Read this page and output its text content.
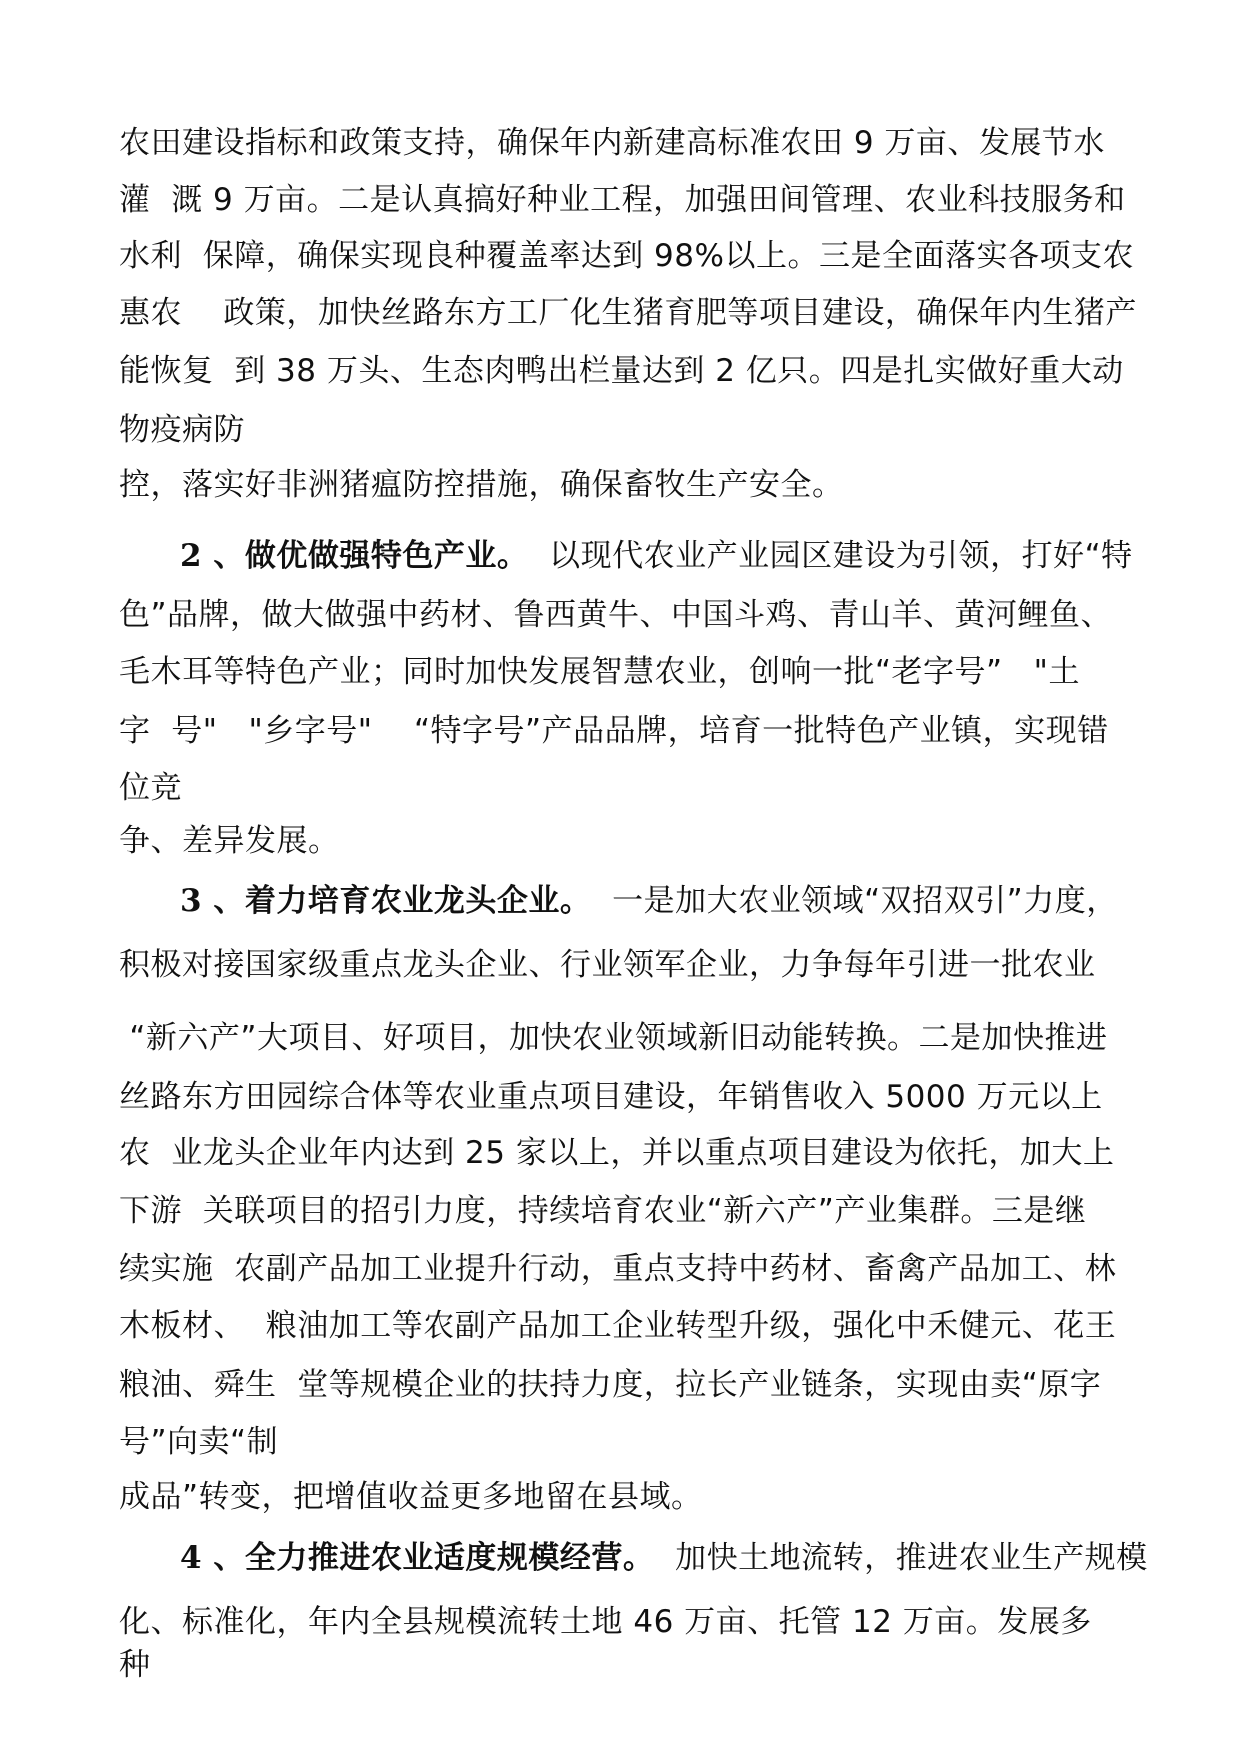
农田建设指标和政策支持，确保年内新建高标准农田 9 万亩、发展节水
灌  溉 9 万亩。二是认真搞好种业工程，加强田间管理、农业科技服务和
水利  保障，确保实现良种覆盖率达到 98%以上。三是全面落实各项支农
惠农    政策，加快丝路东方工厂化生猪育肥等项目建设，确保年内生猪产
能恢复  到 38 万头、生态肉鸭出栏量达到 2 亿只。四是扎实做好重大动
物疫病防
控，落实好非洲猪瘟防控措施，确保畜牧生产安全。
2 、做优做强特色产业。  以现代农业产业园区建设为引领，打好“特
色”品牌，做大做强中药材、鲁西黄牛、中国斗鸡、青山羊、黄河鲤鱼、
毛木耳等特色产业；同时加快发展智慧农业，创响一批“老字号”   "土
字  号"   "乡字号"    “特字号”产品品牌，培育一批特色产业镇，实现错
位竞
争、差异发展。
3 、着力培育农业龙头企业。  一是加大农业领域“双招双引”力度，
积极对接国家级重点龙头企业、行业领军企业，力争每年引进一批农业
“新六产”大项目、好项目，加快农业领域新旧动能转换。二是加快推进
丝路东方田园综合体等农业重点项目建设，年销售收入 5000 万元以上
农  业龙头企业年内达到 25 家以上，并以重点项目建设为依托，加大上
下游  关联项目的招引力度，持续培育农业“新六产”产业集群。三是继
续实施  农副产品加工业提升行动，重点支持中药材、畜禽产品加工、林
木板材、  粮油加工等农副产品加工企业转型升级，强化中禾健元、花王
粮油、舜生  堂等规模企业的扶持力度，拉长产业链条，实现由卖“原字
号”向卖“制
成品”转变，把增值收益更多地留在县域。
4 、全力推进农业适度规模经营。  加快土地流转，推进农业生产规模
化、标准化，年内全县规模流转土地 46 万亩、托管 12 万亩。发展多
种
